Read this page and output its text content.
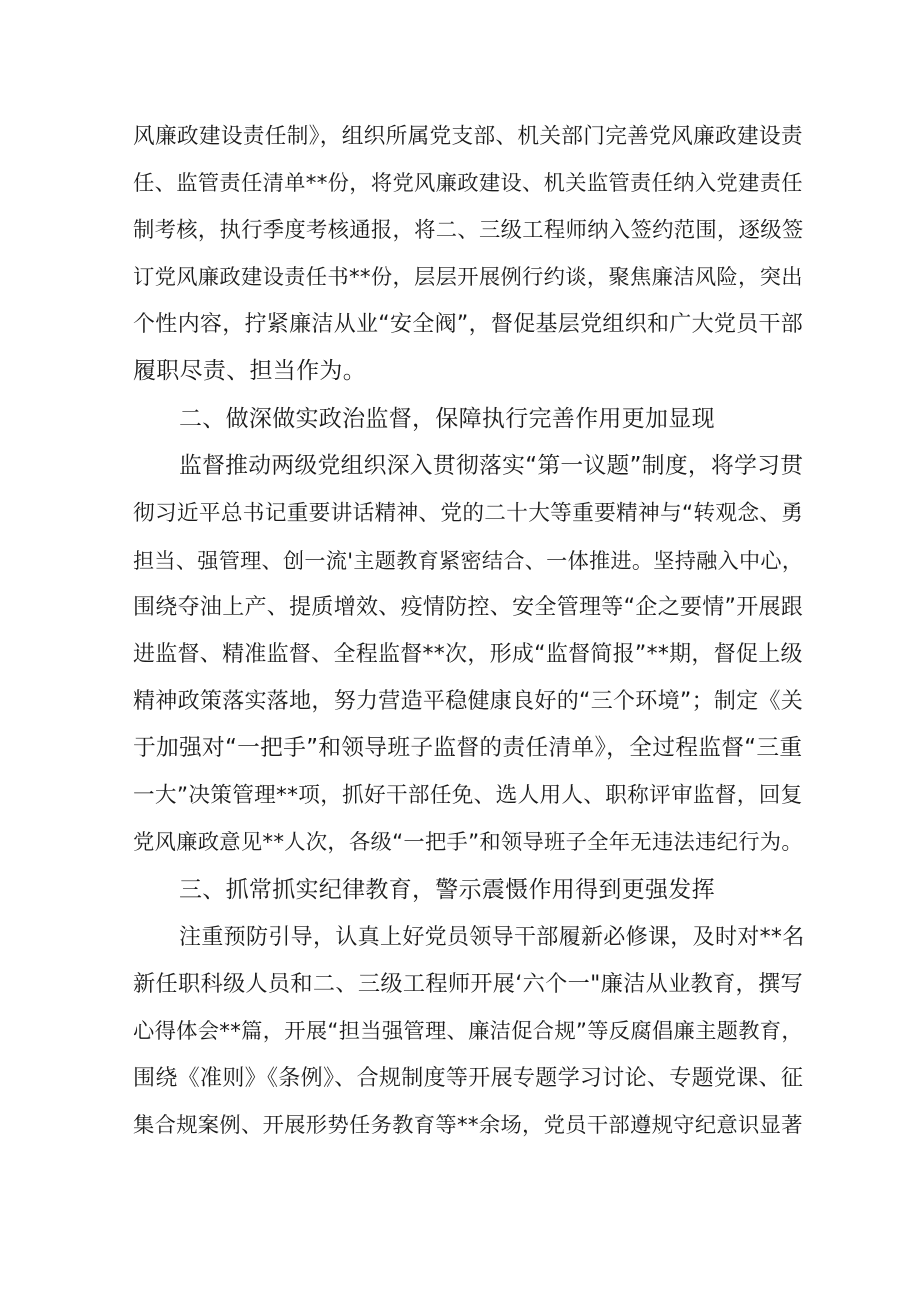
风廉政建设责任制》，组织所属党支部、机关部门完善党风廉政建设责
任、监管责任清单**份，将党风廉政建设、机关监管责任纳入党建责任
制考核，执行季度考核通报，将二、三级工程师纳入签约范围，逐级签
订党风廉政建设责任书**份，层层开展例行约谈，聚焦廉洁风险，突出
个性内容，拧紧廉洁从业“安全阀”，督促基层党组织和广大党员干部
履职尽责、担当作为。
二、做深做实政治监督，保障执行完善作用更加显现
监督推动两级党组织深入贯彻落实“第一议题”制度，将学习贯
彻习近平总书记重要讲话精神、党的二十大等重要精神与“转观念、勇
担当、强管理、创一流'主题教育紧密结合、一体推进。坚持融入中心，
围绕夺油上产、提质增效、疫情防控、安全管理等“企之要情”开展跟
进监督、精准监督、全程监督**次，形成“监督简报”**期，督促上级
精神政策落实落地，努力营造平稳健康良好的“三个环境”；制定《关
于加强对“一把手”和领导班子监督的责任清单》，全过程监督“三重
一大”决策管理**项，抓好干部任免、选人用人、职称评审监督，回复
党风廉政意见**人次，各级“一把手”和领导班子全年无违法违纪行为。
三、抓常抓实纪律教育，警示震慑作用得到更强发挥
注重预防引导，认真上好党员领导干部履新必修课，及时对**名
新任职科级人员和二、三级工程师开展‘六个一"廉洁从业教育，撰写
心得体会**篇，开展“担当强管理、廉洁促合规”等反腐倡廉主题教育，
围绕《准则》《条例》、合规制度等开展专题学习讨论、专题党课、征
集合规案例、开展形势任务教育等**余场，党员干部遵规守纪意识显著
